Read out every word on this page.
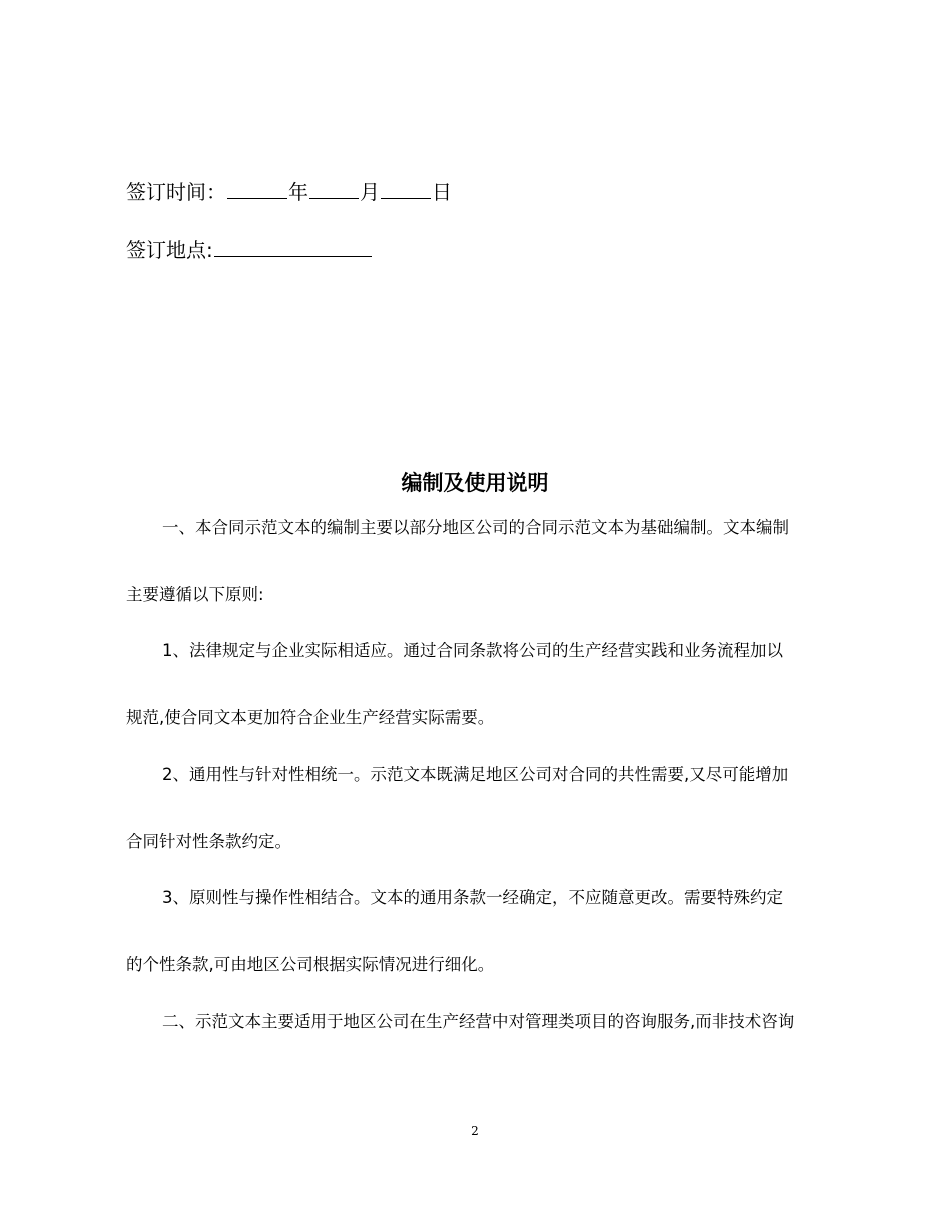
签订时间：	年	月	日
签订地点:
编制及使用说明
一、本合同示范文本的编制主要以部分地区公司的合同示范文本为基础编制。文本编制
主要遵循以下原则:
1、法律规定与企业实际相适应。通过合同条款将公司的生产经营实践和业务流程加以
规范,使合同文本更加符合企业生产经营实际需要。
2、通用性与针对性相统一。示范文本既满足地区公司对合同的共性需要,又尽可能增加
合同针对性条款约定。
3、原则性与操作性相结合。文本的通用条款一经确定，不应随意更改。需要特殊约定
的个性条款,可由地区公司根据实际情况进行细化。
二、示范文本主要适用于地区公司在生产经营中对管理类项目的咨询服务,而非技术咨询
2
